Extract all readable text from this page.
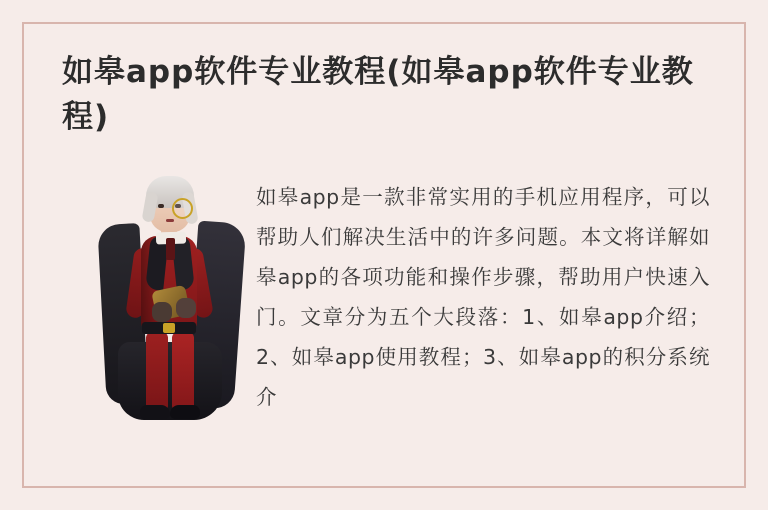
如皋app软件专业教程(如皋app软件专业教程)

如皋app是一款非常实用的手机应用程序，可以帮助人们解决生活中的许多问题。本文将详解如皋app的各项功能和操作步骤，帮助用户快速入门。文章分为五个大段落：1、如皋app介绍；2、如皋app使用教程；3、如皋app的积分系统介
